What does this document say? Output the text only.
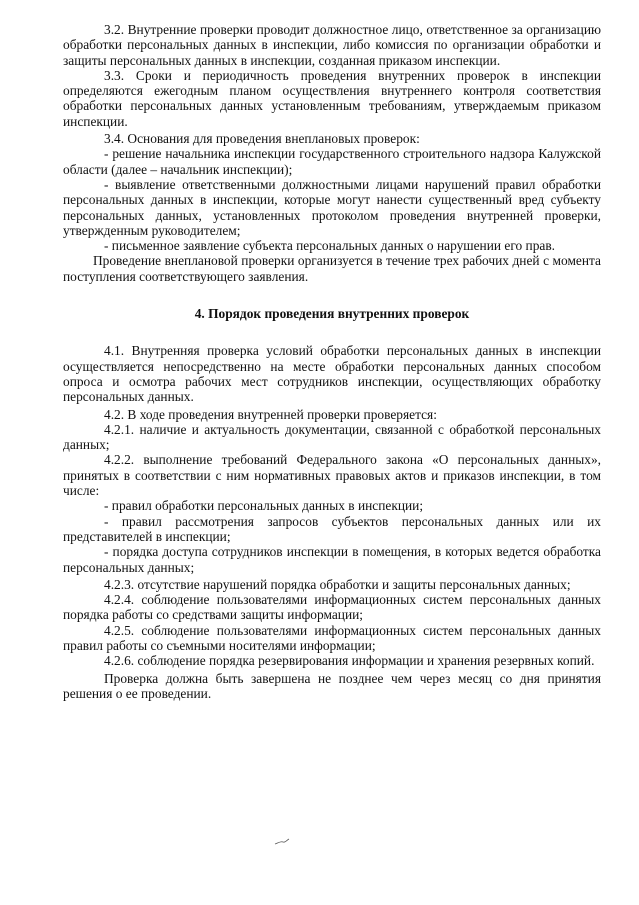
3.2. Внутренние проверки проводит должностное лицо, ответственное за организацию обработки персональных данных в инспекции, либо комиссия по организации обработки и защиты персональных данных в инспекции, созданная приказом инспекции.

3.3. Сроки и периодичность проведения внутренних проверок в инспекции определяются ежегодным планом осуществления внутреннего контроля соответствия обработки персональных данных установленным требованиям, утверждаемым приказом инспекции.

3.4. Основания для проведения внеплановых проверок:

- решение начальника инспекции государственного строительного надзора Калужской области (далее – начальник инспекции);

- выявление ответственными должностными лицами нарушений правил обработки персональных данных в инспекции, которые могут нанести существенный вред субъекту персональных данных, установленных протоколом проведения внутренней проверки, утвержденным руководителем;

- письменное заявление субъекта персональных данных о нарушении его прав.

Проведение внеплановой проверки организуется в течение трех рабочих дней с момента поступления соответствующего заявления.

4. Порядок проведения внутренних проверок

4.1. Внутренняя проверка условий обработки персональных данных в инспекции осуществляется непосредственно на месте обработки персональных данных способом опроса и осмотра рабочих мест сотрудников инспекции, осуществляющих обработку персональных данных.

4.2. В ходе проведения внутренней проверки проверяется:

4.2.1. наличие и актуальность документации, связанной с обработкой персональных данных;

4.2.2. выполнение требований Федерального закона «О персональных данных», принятых в соответствии с ним нормативных правовых актов и приказов инспекции, в том числе:

- правил обработки персональных данных в инспекции;

- правил рассмотрения запросов субъектов персональных данных или их представителей в инспекции;

- порядка доступа сотрудников инспекции в помещения, в которых ведется обработка персональных данных;

4.2.3. отсутствие нарушений порядка обработки и защиты персональных данных;

4.2.4. соблюдение пользователями информационных систем персональных данных порядка работы со средствами защиты информации;

4.2.5. соблюдение пользователями информационных систем персональных данных правил работы со съемными носителями информации;

4.2.6. соблюдение порядка резервирования информации и хранения резервных копий.

Проверка должна быть завершена не позднее чем через месяц со дня принятия решения о ее проведении.
